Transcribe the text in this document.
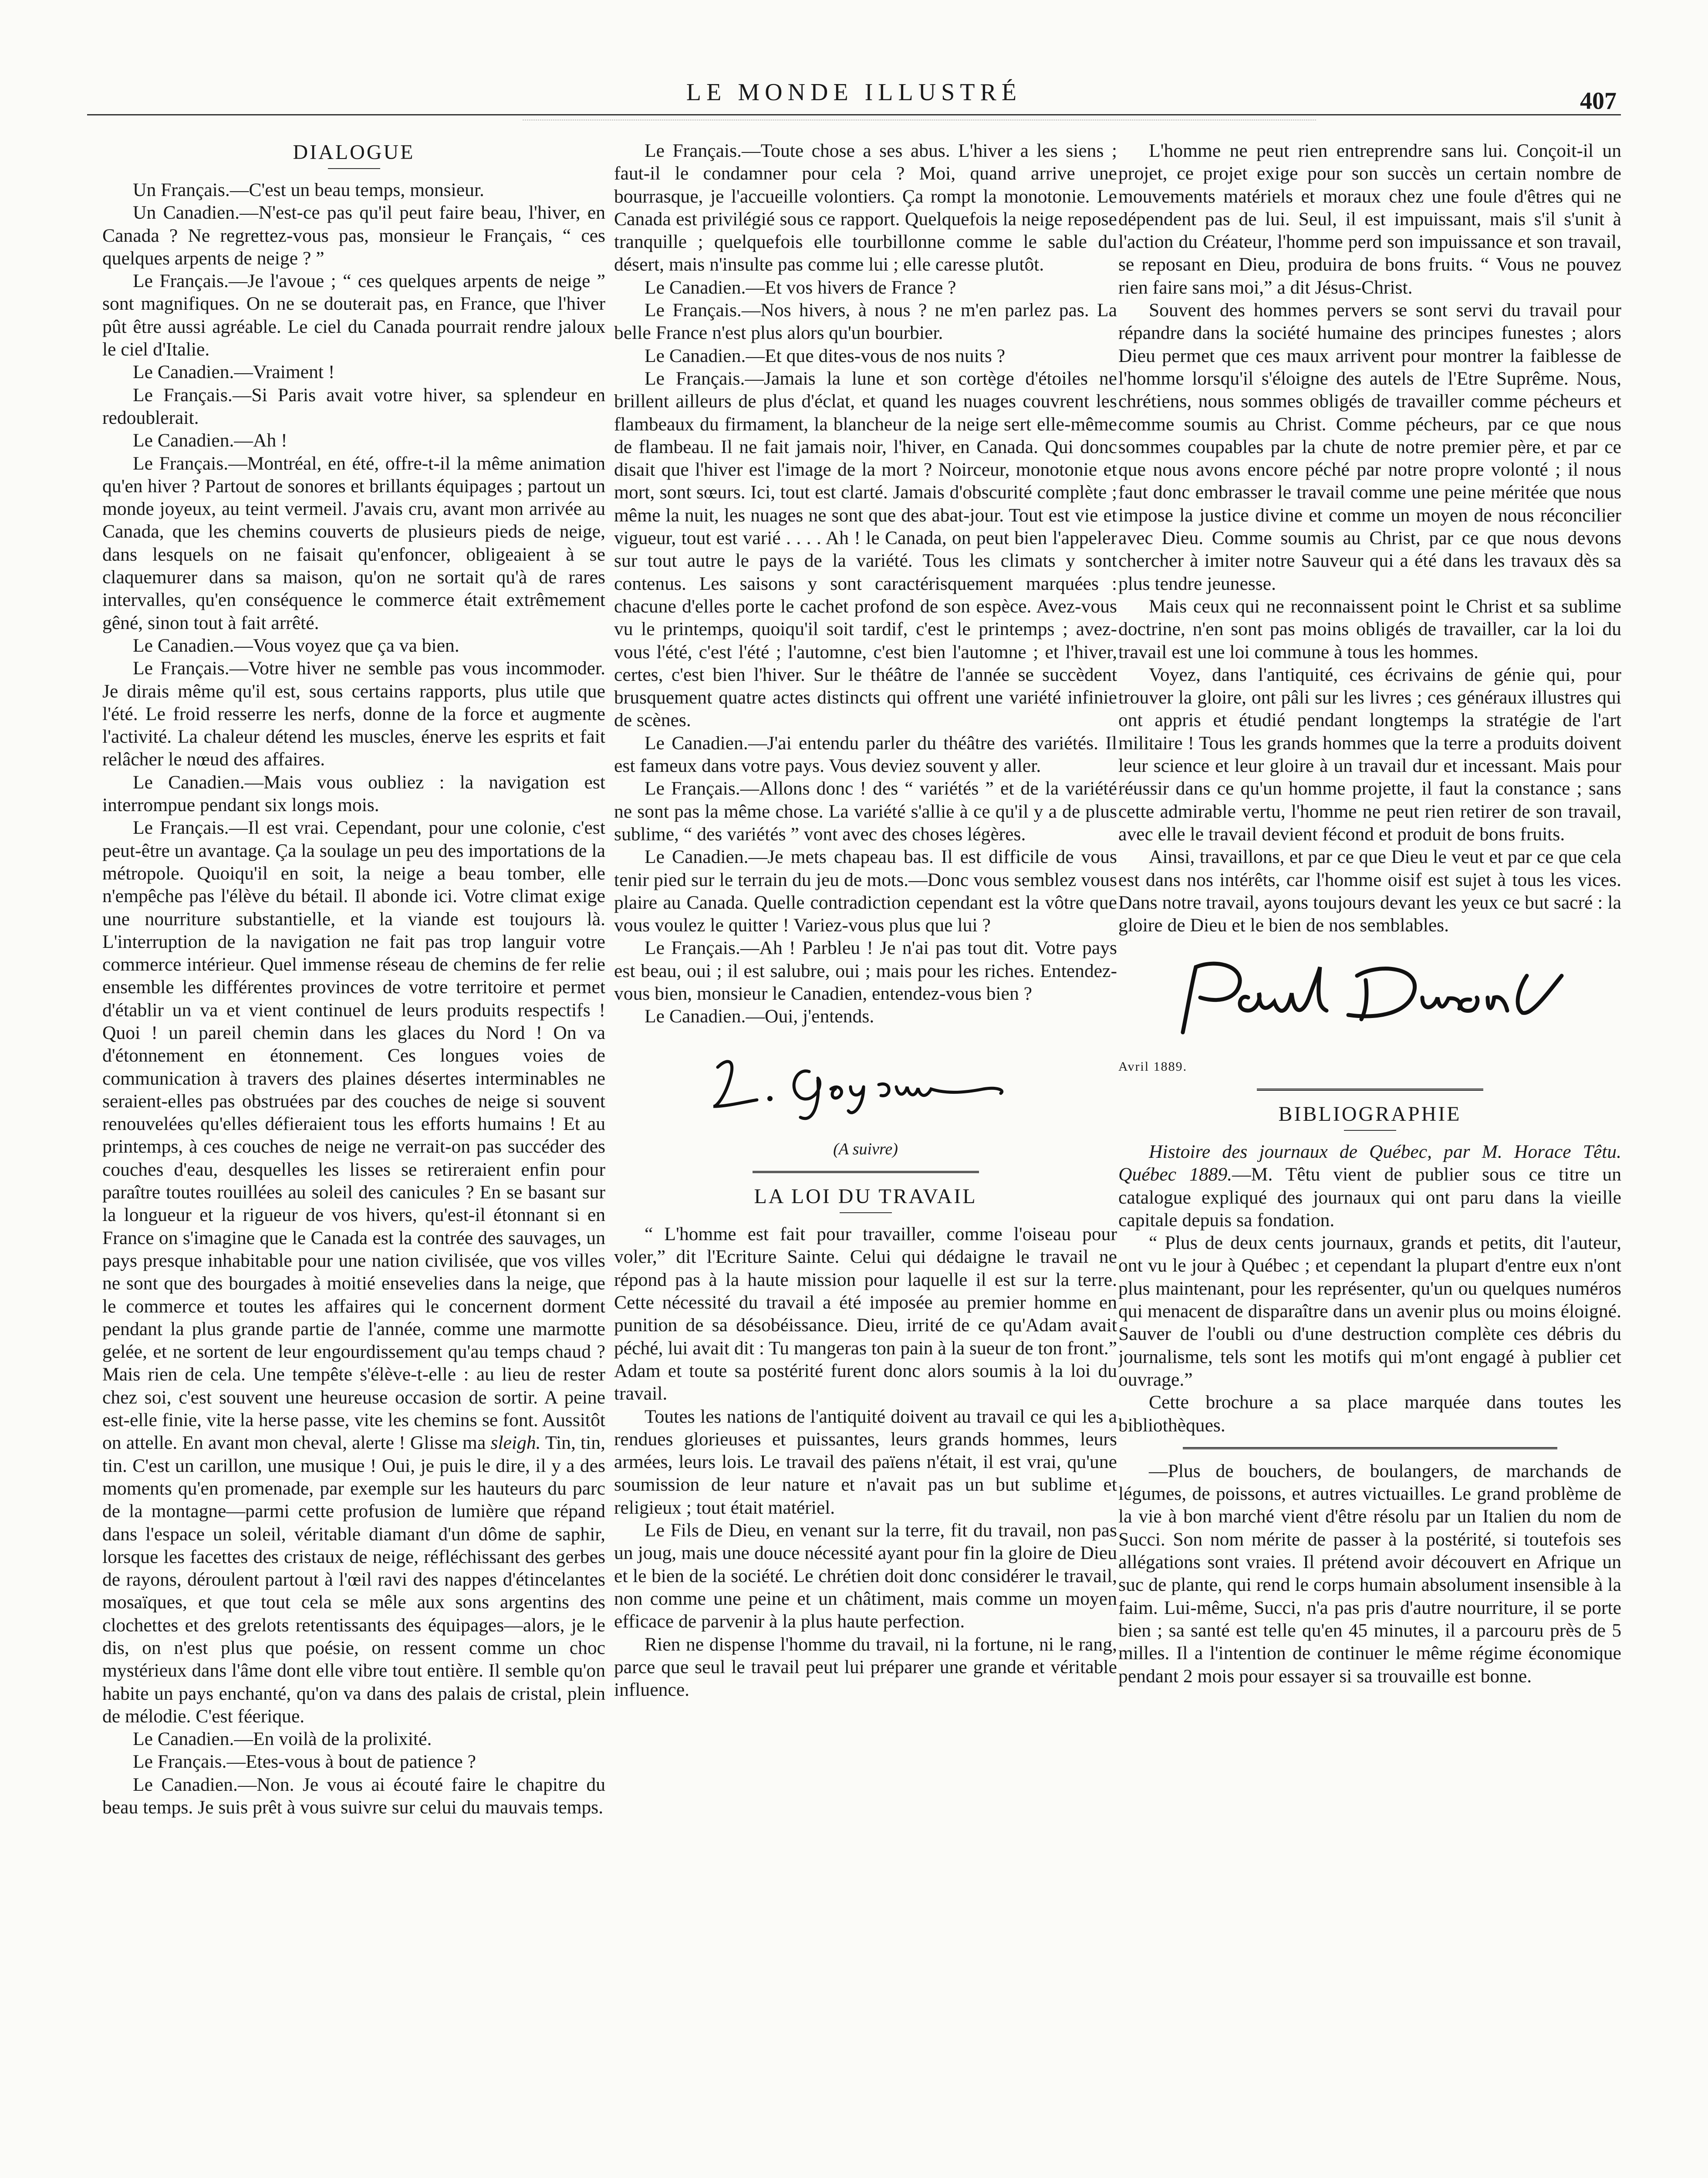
LE MONDE ILLUSTRÉ	407
DIALOGUE

Un Français.—C'est un beau temps, monsieur.

Un Canadien.—N'est-ce pas qu'il peut faire beau, l'hiver, en Canada ? Ne regrettez-vous pas, monsieur le Français, “ ces quelques arpents de neige ? ”

Le Français.—Je l'avoue ; “ ces quelques arpents de neige ” sont magnifiques. On ne se douterait pas, en France, que l'hiver pût être aussi agréable. Le ciel du Canada pourrait rendre jaloux le ciel d'Italie.

Le Canadien.—Vraiment !

Le Français.—Si Paris avait votre hiver, sa splendeur en redoublerait.

Le Canadien.—Ah !

Le Français.—Montréal, en été, offre-t-il la même animation qu'en hiver ? Partout de sonores et brillants équipages ; partout un monde joyeux, au teint vermeil. J'avais cru, avant mon arrivée au Canada, que les chemins couverts de plusieurs pieds de neige, dans lesquels on ne faisait qu'enfoncer, obligeaient à se claquemurer dans sa maison, qu'on ne sortait qu'à de rares intervalles, qu'en conséquence le commerce était extrêmement gêné, sinon tout à fait arrêté.

Le Canadien.—Vous voyez que ça va bien.

Le Français.—Votre hiver ne semble pas vous incommoder. Je dirais même qu'il est, sous certains rapports, plus utile que l'été. Le froid resserre les nerfs, donne de la force et augmente l'activité. La chaleur détend les muscles, énerve les esprits et fait relâcher le nœud des affaires.

Le Canadien.—Mais vous oubliez : la navigation est interrompue pendant six longs mois.

Le Français.—Il est vrai. Cependant, pour une colonie, c'est peut-être un avantage. Ça la soulage un peu des importations de la métropole. Quoiqu'il en soit, la neige a beau tomber, elle n'empêche pas l'élève du bétail. Il abonde ici. Votre climat exige une nourriture substantielle, et la viande est toujours là. L'interruption de la navigation ne fait pas trop languir votre commerce intérieur. Quel immense réseau de chemins de fer relie ensemble les différentes provinces de votre territoire et permet d'établir un va et vient continuel de leurs produits respectifs ! Quoi ! un pareil chemin dans les glaces du Nord ! On va d'étonnement en étonnement. Ces longues voies de communication à travers des plaines désertes interminables ne seraient-elles pas obstruées par des couches de neige si souvent renouvelées qu'elles défieraient tous les efforts humains ! Et au printemps, à ces couches de neige ne verrait-on pas succéder des couches d'eau, desquelles les lisses se retireraient enfin pour paraître toutes rouillées au soleil des canicules ? En se basant sur la longueur et la rigueur de vos hivers, qu'est-il étonnant si en France on s'imagine que le Canada est la contrée des sauvages, un pays presque inhabitable pour une nation civilisée, que vos villes ne sont que des bourgades à moitié ensevelies dans la neige, que le commerce et toutes les affaires qui le concernent dorment pendant la plus grande partie de l'année, comme une marmotte gelée, et ne sortent de leur engourdissement qu'au temps chaud ? Mais rien de cela. Une tempête s'élève-t-elle : au lieu de rester chez soi, c'est souvent une heureuse occasion de sortir. A peine est-elle finie, vite la herse passe, vite les chemins se font. Aussitôt on attelle. En avant mon cheval, alerte ! Glisse ma sleigh. Tin, tin, tin. C'est un carillon, une musique ! Oui, je puis le dire, il y a des moments qu'en promenade, par exemple sur les hauteurs du parc de la montagne—parmi cette profusion de lumière que répand dans l'espace un soleil, véritable diamant d'un dôme de saphir, lorsque les facettes des cristaux de neige, réfléchissant des gerbes de rayons, déroulent partout à l'œil ravi des nappes d'étincelantes mosaïques, et que tout cela se mêle aux sons argentins des clochettes et des grelots retentissants des équipages—alors, je le dis, on n'est plus que poésie, on ressent comme un choc mystérieux dans l'âme dont elle vibre tout entière. Il semble qu'on habite un pays enchanté, qu'on va dans des palais de cristal, plein de mélodie. C'est féerique.

Le Canadien.—En voilà de la prolixité.

Le Français.—Etes-vous à bout de patience ?

Le Canadien.—Non. Je vous ai écouté faire le chapitre du beau temps. Je suis prêt à vous suivre sur celui du mauvais temps.

Le Français.—Toute chose a ses abus. L'hiver a les siens ; faut-il le condamner pour cela ? Moi, quand arrive une bourrasque, je l'accueille volontiers. Ça rompt la monotonie. Le Canada est privilégié sous ce rapport. Quelquefois la neige repose tranquille ; quelquefois elle tourbillonne comme le sable du désert, mais n'insulte pas comme lui ; elle caresse plutôt.

Le Canadien.—Et vos hivers de France ?

Le Français.—Nos hivers, à nous ? ne m'en parlez pas. La belle France n'est plus alors qu'un bourbier.

Le Canadien.—Et que dites-vous de nos nuits ?

Le Français.—Jamais la lune et son cortège d'étoiles ne brillent ailleurs de plus d'éclat, et quand les nuages couvrent les flambeaux du firmament, la blancheur de la neige sert elle-même de flambeau. Il ne fait jamais noir, l'hiver, en Canada. Qui donc disait que l'hiver est l'image de la mort ? Noirceur, monotonie et mort, sont sœurs. Ici, tout est clarté. Jamais d'obscurité complète ; même la nuit, les nuages ne sont que des abat-jour. Tout est vie et vigueur, tout est varié . . . . Ah ! le Canada, on peut bien l'appeler sur tout autre le pays de la variété. Tous les climats y sont contenus. Les saisons y sont caractérisquement marquées : chacune d'elles porte le cachet profond de son espèce. Avez-vous vu le printemps, quoiqu'il soit tardif, c'est le printemps ; avez-vous l'été, c'est l'été ; l'automne, c'est bien l'automne ; et l'hiver, certes, c'est bien l'hiver. Sur le théâtre de l'année se succèdent brusquement quatre actes distincts qui offrent une variété infinie de scènes.

Le Canadien.—J'ai entendu parler du théâtre des variétés. Il est fameux dans votre pays. Vous deviez souvent y aller.

Le Français.—Allons donc ! des “ variétés ” et de la variété ne sont pas la même chose. La variété s'allie à ce qu'il y a de plus sublime, “ des variétés ” vont avec des choses légères.

Le Canadien.—Je mets chapeau bas. Il est difficile de vous tenir pied sur le terrain du jeu de mots.—Donc vous semblez vous plaire au Canada. Quelle contradiction cependant est la vôtre que vous voulez le quitter ! Variez-vous plus que lui ?

Le Français.—Ah ! Parbleu ! Je n'ai pas tout dit. Votre pays est beau, oui ; il est salubre, oui ; mais pour les riches. Entendez-vous bien, monsieur le Canadien, entendez-vous bien ?

Le Canadien.—Oui, j'entends.

(A suivre)
LA LOI DU TRAVAIL

“ L'homme est fait pour travailler, comme l'oiseau pour voler,” dit l'Ecriture Sainte. Celui qui dédaigne le travail ne répond pas à la haute mission pour laquelle il est sur la terre. Cette nécessité du travail a été imposée au premier homme en punition de sa désobéissance. Dieu, irrité de ce qu'Adam avait péché, lui avait dit : Tu mangeras ton pain à la sueur de ton front.” Adam et toute sa postérité furent donc alors soumis à la loi du travail.

Toutes les nations de l'antiquité doivent au travail ce qui les a rendues glorieuses et puissantes, leurs grands hommes, leurs armées, leurs lois. Le travail des païens n'était, il est vrai, qu'une soumission de leur nature et n'avait pas un but sublime et religieux ; tout était matériel.

Le Fils de Dieu, en venant sur la terre, fit du travail, non pas un joug, mais une douce nécessité ayant pour fin la gloire de Dieu et le bien de la société. Le chrétien doit donc considérer le travail, non comme une peine et un châtiment, mais comme un moyen efficace de parvenir à la plus haute perfection.

Rien ne dispense l'homme du travail, ni la fortune, ni le rang, parce que seul le travail peut lui préparer une grande et véritable influence.

L'homme ne peut rien entreprendre sans lui. Conçoit-il un projet, ce projet exige pour son succès un certain nombre de mouvements matériels et moraux chez une foule d'êtres qui ne dépendent pas de lui. Seul, il est impuissant, mais s'il s'unit à l'action du Créateur, l'homme perd son impuissance et son travail, se reposant en Dieu, produira de bons fruits. “ Vous ne pouvez rien faire sans moi,” a dit Jésus-Christ.

Souvent des hommes pervers se sont servi du travail pour répandre dans la société humaine des principes funestes ; alors Dieu permet que ces maux arrivent pour montrer la faiblesse de l'homme lorsqu'il s'éloigne des autels de l'Etre Suprême. Nous, chrétiens, nous sommes obligés de travailler comme pécheurs et comme soumis au Christ. Comme pécheurs, par ce que nous sommes coupables par la chute de notre premier père, et par ce que nous avons encore péché par notre propre volonté ; il nous faut donc embrasser le travail comme une peine méritée que nous impose la justice divine et comme un moyen de nous réconcilier avec Dieu. Comme soumis au Christ, par ce que nous devons chercher à imiter notre Sauveur qui a été dans les travaux dès sa plus tendre jeunesse.

Mais ceux qui ne reconnaissent point le Christ et sa sublime doctrine, n'en sont pas moins obligés de travailler, car la loi du travail est une loi commune à tous les hommes.

Voyez, dans l'antiquité, ces écrivains de génie qui, pour trouver la gloire, ont pâli sur les livres ; ces généraux illustres qui ont appris et étudié pendant longtemps la stratégie de l'art militaire ! Tous les grands hommes que la terre a produits doivent leur science et leur gloire à un travail dur et incessant. Mais pour réussir dans ce qu'un homme projette, il faut la constance ; sans cette admirable vertu, l'homme ne peut rien retirer de son travail, avec elle le travail devient fécond et produit de bons fruits.

Ainsi, travaillons, et par ce que Dieu le veut et par ce que cela est dans nos intérêts, car l'homme oisif est sujet à tous les vices. Dans notre travail, ayons toujours devant les yeux ce but sacré : la gloire de Dieu et le bien de nos semblables.

Avril 1889.

BIBLIOGRAPHIE

Histoire des journaux de Québec, par M. Horace Têtu. Québec 1889.—M. Têtu vient de publier sous ce titre un catalogue expliqué des journaux qui ont paru dans la vieille capitale depuis sa fondation.

“ Plus de deux cents journaux, grands et petits, dit l'auteur, ont vu le jour à Québec ; et cependant la plupart d'entre eux n'ont plus maintenant, pour les représenter, qu'un ou quelques numéros qui menacent de disparaître dans un avenir plus ou moins éloigné. Sauver de l'oubli ou d'une destruction complète ces débris du journalisme, tels sont les motifs qui m'ont engagé à publier cet ouvrage.”

Cette brochure a sa place marquée dans toutes les bibliothèques.

—Plus de bouchers, de boulangers, de marchands de légumes, de poissons, et autres victuailles. Le grand problème de la vie à bon marché vient d'être résolu par un Italien du nom de Succi. Son nom mérite de passer à la postérité, si toutefois ses allégations sont vraies. Il prétend avoir découvert en Afrique un suc de plante, qui rend le corps humain absolument insensible à la faim. Lui-même, Succi, n'a pas pris d'autre nourriture, il se porte bien ; sa santé est telle qu'en 45 minutes, il a parcouru près de 5 milles. Il a l'intention de continuer le même régime économique pendant 2 mois pour essayer si sa trouvaille est bonne.
